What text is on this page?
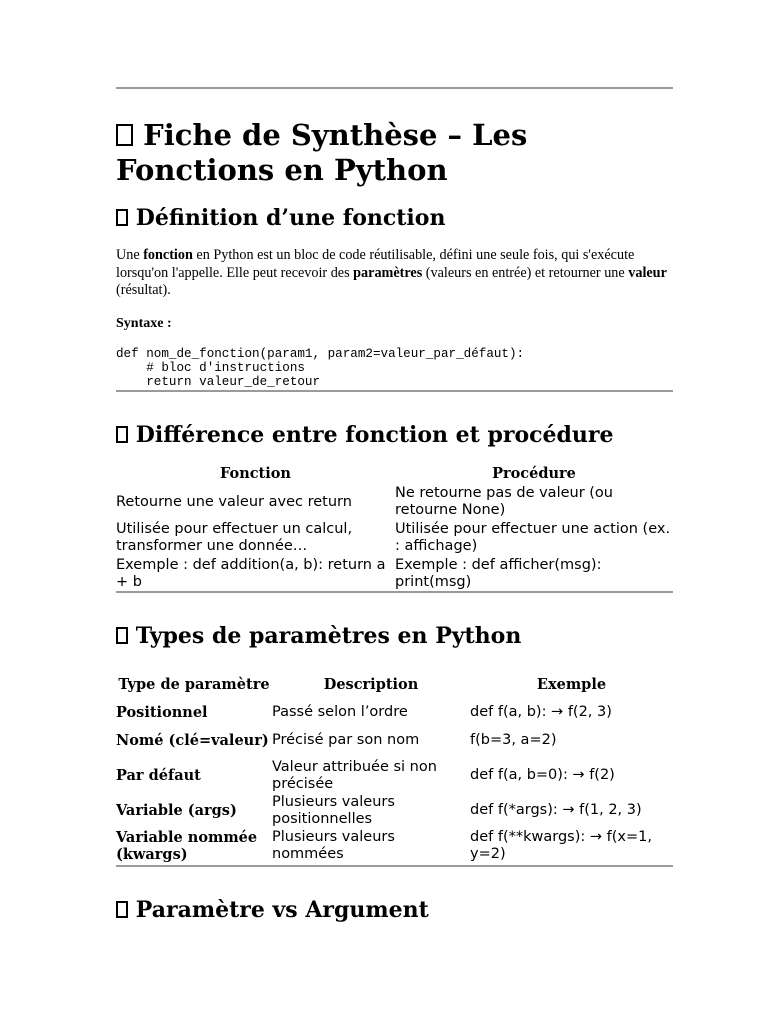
Fiche de Synthèse – Les Fonctions en Python
Définition d’une fonction
Une fonction en Python est un bloc de code réutilisable, défini une seule fois, qui s'exécute lorsqu'on l'appelle. Elle peut recevoir des paramètres (valeurs en entrée) et retourner une valeur (résultat).
Syntaxe :
def nom_de_fonction(param1, param2=valeur_par_défaut):
# bloc d'instructions
return valeur_de_retour
Différence entre fonction et procédure
Fonction	Procédure
Retourne une valeur avec return	Ne retourne pas de valeur (ou retourne None)
Utilisée pour effectuer un calcul, transformer une donnée…	Utilisée pour effectuer une action (ex. : affichage)
Exemple : def addition(a, b): return a + b	Exemple : def afficher(msg): print(msg)
Types de paramètres en Python
Type de paramètre	Description	Exemple
Positionnel	Passé selon l’ordre	def f(a, b): → f(2, 3)
Nomé (clé=valeur)	Précisé par son nom	f(b=3, a=2)
Par défaut	Valeur attribuée si non précisée	def f(a, b=0): → f(2)
Variable (args)	Plusieurs valeurs positionnelles	def f(*args): → f(1, 2, 3)
Variable nommée (kwargs)	Plusieurs valeurs nommées	def f(**kwargs): → f(x=1, y=2)
Paramètre vs Argument
